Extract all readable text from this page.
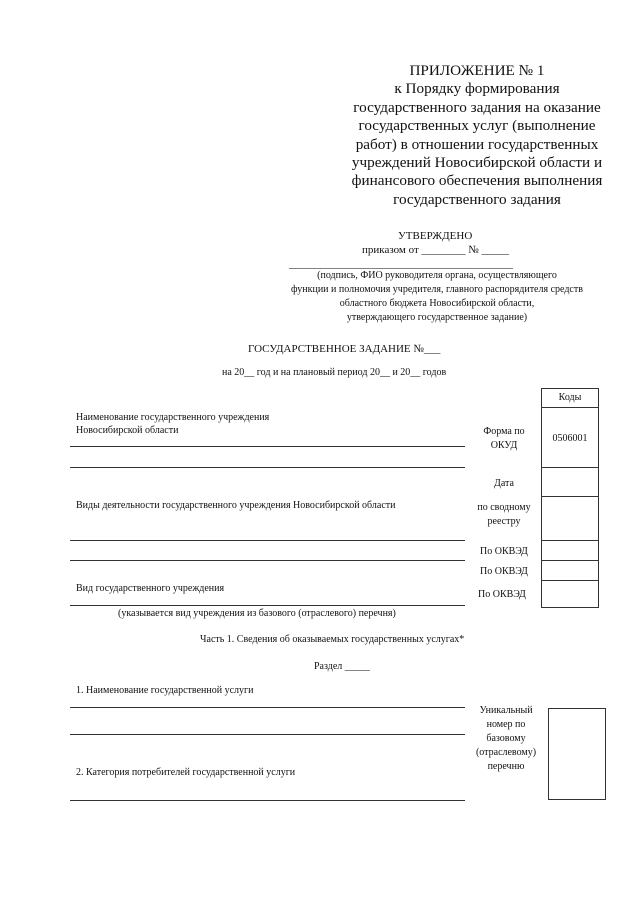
ПРИЛОЖЕНИЕ № 1
к Порядку формирования
государственного задания на оказание
государственных услуг (выполнение
работ) в отношении государственных
учреждений Новосибирской области и
финансового обеспечения выполнения
государственного задания
УТВЕРЖДЕНО
приказом от ________ № _____
___________________________________________
(подпись, ФИО руководителя органа, осуществляющего
функции и полномочия учредителя, главного распорядителя средств
областного бюджета Новосибирской области,
утверждающего государственное задание)
ГОСУДАРСТВЕННОЕ ЗАДАНИЕ №___
на 20__ год и на плановый период 20__ и 20__ годов
Наименование государственного учреждения
Новосибирской области
Виды деятельности государственного учреждения Новосибирской области
Вид государственного учреждения
(указывается вид учреждения из базового (отраслевого) перечня)
Коды
0506001
Форма по ОКУД
Дата
по сводному реестру
По ОКВЭД
По ОКВЭД
По ОКВЭД
Часть 1. Сведения об оказываемых государственных услугах*
Раздел _____
1. Наименование государственной услуги
Уникальный номер по базовому (отраслевому) перечню
2. Категория потребителей государственной услуги
